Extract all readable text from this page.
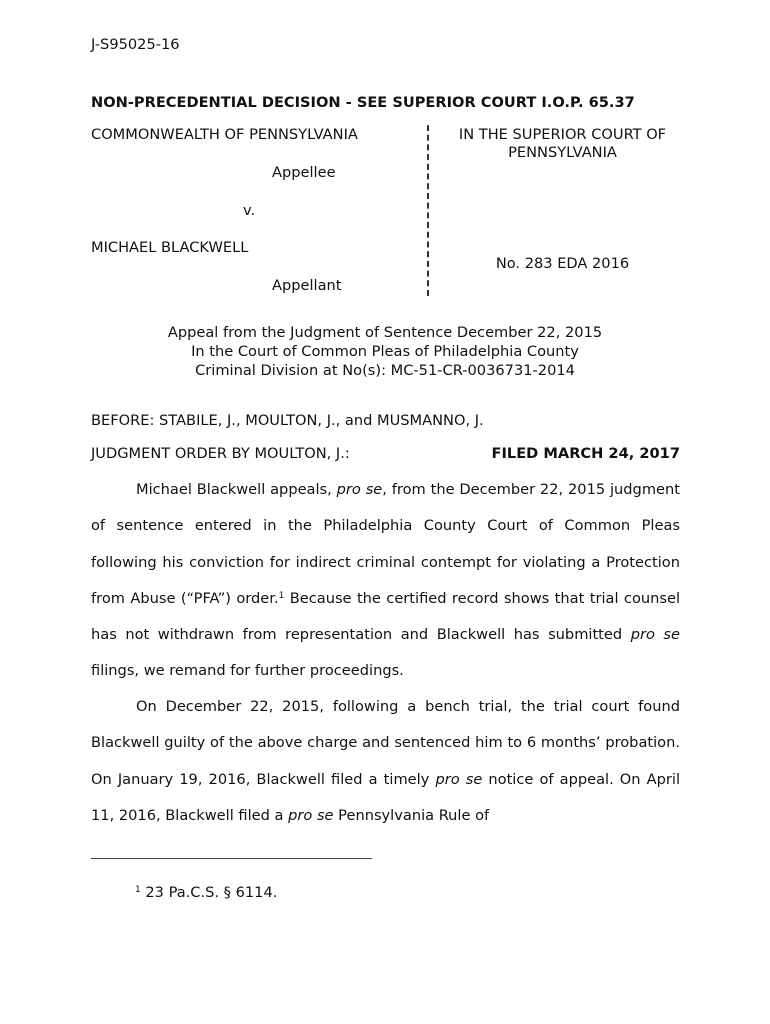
J-S95025-16
NON-PRECEDENTIAL DECISION - SEE SUPERIOR COURT I.O.P. 65.37
COMMONWEALTH OF PENNSYLVANIA
Appellee
v.
MICHAEL BLACKWELL
Appellant
IN THE SUPERIOR COURT OF
PENNSYLVANIA
No. 283 EDA 2016
Appeal from the Judgment of Sentence December 22, 2015
In the Court of Common Pleas of Philadelphia County
Criminal Division at No(s): MC-51-CR-0036731-2014
BEFORE: STABILE, J., MOULTON, J., and MUSMANNO, J.
JUDGMENT ORDER BY MOULTON, J.:	FILED MARCH 24, 2017
Michael Blackwell appeals, pro se, from the December 22, 2015 judgment of sentence entered in the Philadelphia County Court of Common Pleas following his conviction for indirect criminal contempt for violating a Protection from Abuse (“PFA”) order.$^1$ Because the certified record shows that trial counsel has not withdrawn from representation and Blackwell has submitted pro se filings, we remand for further proceedings.
On December 22, 2015, following a bench trial, the trial court found Blackwell guilty of the above charge and sentenced him to 6 months’ probation. On January 19, 2016, Blackwell filed a timely pro se notice of appeal. On April 11, 2016, Blackwell filed a pro se Pennsylvania Rule of
$^1$ 23 Pa.C.S. § 6114.
